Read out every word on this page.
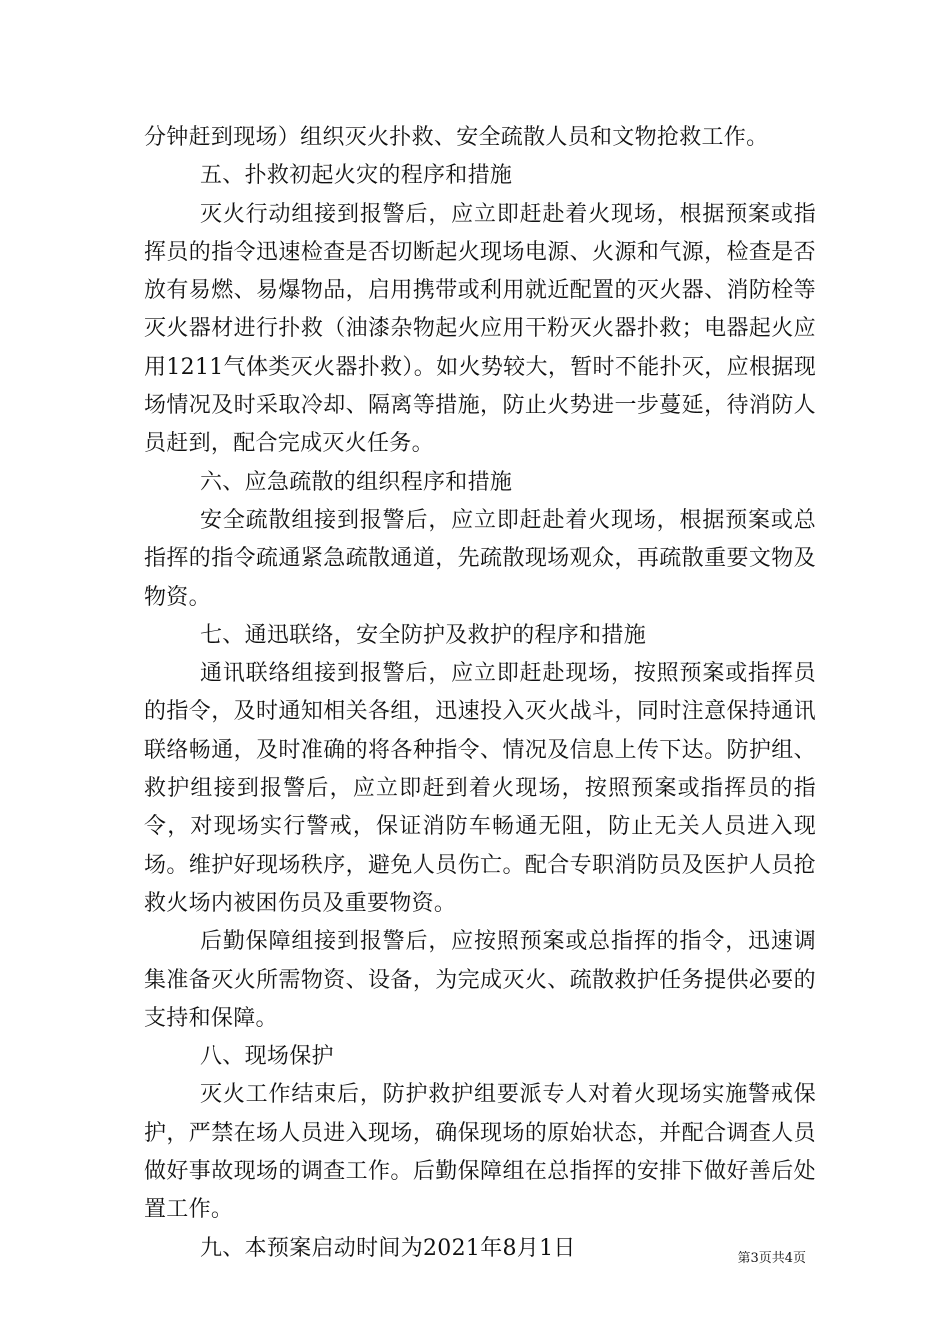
分钟赶到现场）组织灭火扑救、安全疏散人员和文物抢救工作。

五、扑救初起火灾的程序和措施

灭火行动组接到报警后，应立即赶赴着火现场，根据预案或指挥员的指令迅速检查是否切断起火现场电源、火源和气源，检查是否放有易燃、易爆物品，启用携带或利用就近配置的灭火器、消防栓等灭火器材进行扑救（油漆杂物起火应用干粉灭火器扑救；电器起火应用1211气体类灭火器扑救）。如火势较大，暂时不能扑灭，应根据现场情况及时采取冷却、隔离等措施，防止火势进一步蔓延，待消防人员赶到，配合完成灭火任务。

六、应急疏散的组织程序和措施

安全疏散组接到报警后，应立即赶赴着火现场，根据预案或总指挥的指令疏通紧急疏散通道，先疏散现场观众，再疏散重要文物及物资。

七、通迅联络，安全防护及救护的程序和措施

通讯联络组接到报警后，应立即赶赴现场，按照预案或指挥员的指令，及时通知相关各组，迅速投入灭火战斗，同时注意保持通讯联络畅通，及时准确的将各种指令、情况及信息上传下达。防护组、救护组接到报警后，应立即赶到着火现场，按照预案或指挥员的指令，对现场实行警戒，保证消防车畅通无阻，防止无关人员进入现场。维护好现场秩序，避免人员伤亡。配合专职消防员及医护人员抢救火场内被困伤员及重要物资。

后勤保障组接到报警后，应按照预案或总指挥的指令，迅速调集准备灭火所需物资、设备，为完成灭火、疏散救护任务提供必要的支持和保障。

八、现场保护

灭火工作结束后，防护救护组要派专人对着火现场实施警戒保护，严禁在场人员进入现场，确保现场的原始状态，并配合调查人员做好事故现场的调查工作。后勤保障组在总指挥的安排下做好善后处置工作。

九、本预案启动时间为2021年8月1日	第3页共4页
